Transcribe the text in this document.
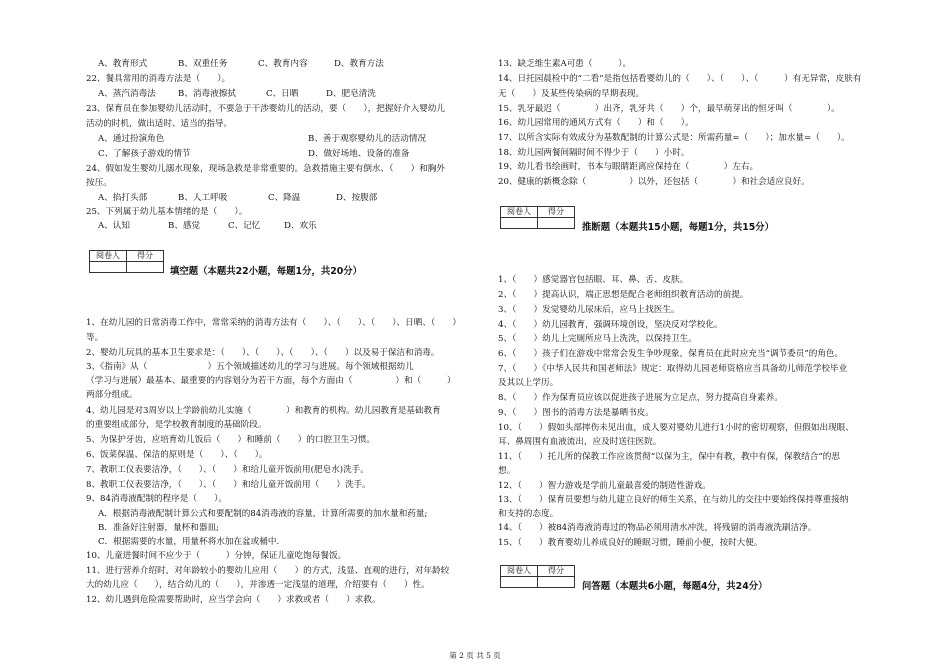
A、教育形式	B、双重任务	C、教育内容	D、教育方法
22、餐具常用的消毒方法是（　　）。
A、蒸汽消毒法	B、消毒液擦拭	C、日晒	D、肥皂清洗
23、保育员在参加婴幼儿活动时，不要急于干涉婴幼儿的活动，要（　　），把握好介入婴幼儿
活动的时机，做出适时、适当的指导。
A、通过扮演角色	B、善于观察婴幼儿的活动情况
C、了解孩子游戏的情节	D、做好场地、设备的准备
24、假如发生婴幼儿溺水现象，现场急救是非常重要的。急救措施主要有倒水、（　　）和胸外
按压。
A、掐打头部	B、人工呼吸	C、降温	D、按腹部
25、下列属于幼儿基本情绪的是（　　）。
A、认知	B、感觉	C、记忆	D、欢乐
阅卷人	得分

填空题（本题共22小题，每题1分，共20分）
1、在幼儿园的日常消毒工作中，常常采纳的消毒方法有（　　）、（　　）、（　　）、日晒、（　　）
等。
2、婴幼儿玩具的基本卫生要求是：（　　）、（　　）、（　　）、（　　）以及易于保洁和消毒。
3、《指南》从（　　　　　　　）五个领域描述幼儿的学习与进展。每个领域根据幼儿
（学习与进展）最基本、最重要的内容划分为若干方面，每个方面由（　　　　　）和（　　　）
两部分组成。
4、幼儿园是对3周岁以上学龄前幼儿实施（　　　　）和教育的机构。幼儿园教育是基础教育
的重要组成部分，是学校教育制度的基础阶段。
5、为保护牙齿，应培育幼儿饭后（　　）和睡前（　　）的口腔卫生习惯。
6、饭菜保温、保洁的原则是（　　）、（　　）。
7、教职工仪表要洁净，（　　）、（　　）和给儿童开饭前用(肥皂水)洗手。
8、教职工仪表要洁净，（　　）、（　　）和给儿童开饭前用（　　）洗手。
9、84消毒液配制的程序是（　　）。
A．根据消毒液配制计算公式和要配制的84消毒液的容量，计算所需要的加水量和药量;
B．准备好注射器，量杯和器皿;
C．根据需要的水量，用量杯将水加在盆或桶中.
10、儿童进餐时间不应少于（　　　）分钟，保证儿童吃饱每餐饭。
11、进行营养介绍时，对年龄较小的婴幼儿应用（　　）的方式，浅显、直观的进行，对年龄较
大的幼儿应（　　），结合幼儿的（　　），并渗透一定浅显的道理，介绍要有（　　）性。
12、幼儿遇到危险需要帮助时，应当学会向（　　）求救或者（　　）求救。
13、缺乏维生素A可患（　　　）。
14、日托园晨检中的“二看”是指包括看婴幼儿的（　　）、（　　）、（　　　）有无异常，皮肤有
无（　　）及某些传染病的早期表现。
15、乳牙最迟（　　　　）出齐，乳牙共（　　）个，最早萌芽出的恒牙叫（　　　　）。
16、幼儿园常用的通风方式有（　　）和（　　）。
17、以所含实际有效成分为基数配制的计算公式是：所需药量=（　　）；加水量=（　　）。
18、幼儿园两餐间隔时间不得少于（　　）小时。
19、幼儿看书绘画时，书本与眼睛距离应保持在（　　　　）左右。
20、健康的新概念除（　　　　　）以外，还包括（　　　　）和社会适应良好。
阅卷人	得分

推断题（本题共15小题，每题1分，共15分）
1、（　　）感觉器官包括眼、耳、鼻、舌、皮肤。
2、（　　）提高认识，端正思想是配合老师组织教育活动的前提。
3、（　　）发觉婴幼儿尿床后，应马上找医生。
4、（　　）幼儿园教育，强调环境创设，坚决反对学校化。
5、（　　）幼儿上完厕所应马上洗洗，以保持卫生。
6、（　　）孩子们在游戏中常常会发生争吵现象，保育员在此时应充当“调节委员”的角色。
7、（　　）《中华人民共和国老师法》规定：取得幼儿园老师资格应当具备幼儿师范学校毕业
及其以上学历。
8、（　　）作为保育员应该以促进孩子进展为立足点，努力提高自身素养。
9、（　　）图书的消毒方法是暴晒书皮。
10、（　　）假如头部摔伤未见出血，成人要对婴幼儿进行1小时的密切观察，但假如出现眼、
耳、鼻周围有血液流出，应及时送往医院。
11、（　　）托儿所的保教工作应该贯彻“以保为主，保中有教，教中有保，保教结合”的思
想。
12、（　　）智力游戏是学前儿童最喜爱的制造性游戏。
13、（　　）保育员要想与幼儿建立良好的师生关系，在与幼儿的交往中要始终保持尊重接纳
和支持的态度。
14、（　　）被84消毒液消毒过的物品必须用清水冲洗，将残留的消毒液洗刷洁净。
15、（　　）教育婴幼儿养成良好的睡眠习惯，睡前小便，按时大便。
阅卷人	得分

问答题（本题共6小题，每题4分，共24分）
第 2 页 共 5 页
